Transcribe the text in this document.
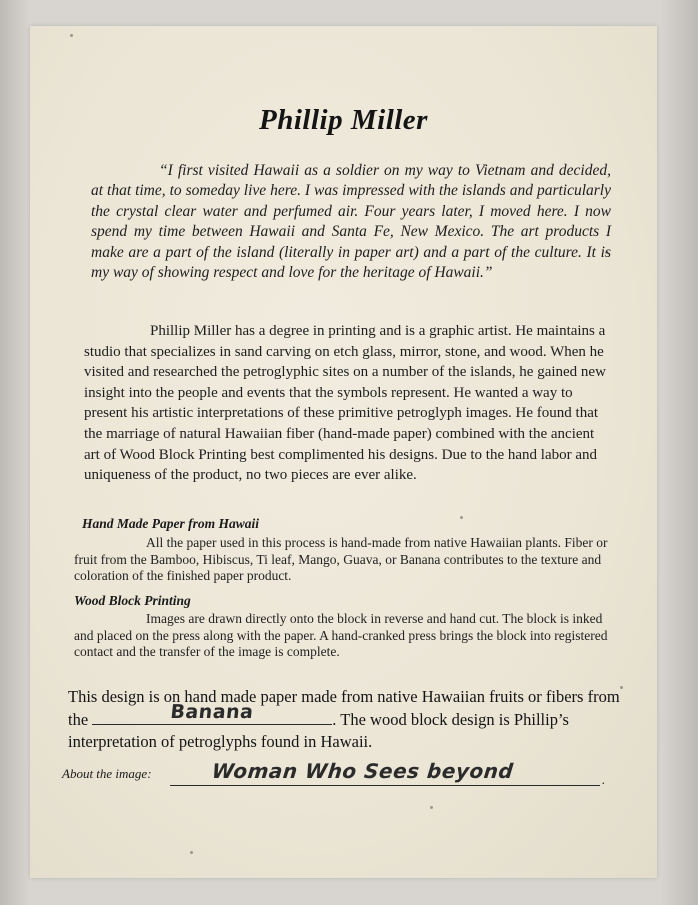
Phillip Miller
“I first visited Hawaii as a soldier on my way to Vietnam and decided, at that time, to someday live here. I was impressed with the islands and particularly the crystal clear water and perfumed air. Four years later, I moved here. I now spend my time between Hawaii and Santa Fe, New Mexico. The art products I make are a part of the island (literally in paper art) and a part of the culture. It is my way of showing respect and love for the heritage of Hawaii.”
Phillip Miller has a degree in printing and is a graphic artist. He maintains a studio that specializes in sand carving on etch glass, mirror, stone, and wood. When he visited and researched the petroglyphic sites on a number of the islands, he gained new insight into the people and events that the symbols represent. He wanted a way to present his artistic interpretations of these primitive petroglyph images. He found that the marriage of natural Hawaiian fiber (hand-made paper) combined with the ancient art of Wood Block Printing best complimented his designs. Due to the hand labor and uniqueness of the product, no two pieces are ever alike.
Hand Made Paper from Hawaii
All the paper used in this process is hand-made from native Hawaiian plants. Fiber or fruit from the Bamboo, Hibiscus, Ti leaf, Mango, Guava, or Banana contributes to the texture and coloration of the finished paper product.
Wood Block Printing
Images are drawn directly onto the block in reverse and hand cut. The block is inked and placed on the press along with the paper. A hand-cranked press brings the block into registered contact and the transfer of the image is complete.
This design is on hand made paper made from native Hawaiian fruits or fibers from the	Banana	. The wood block design is Phillip’s interpretation of petroglyphs found in Hawaii.
About the image:	Woman Who Sees beyond	.
